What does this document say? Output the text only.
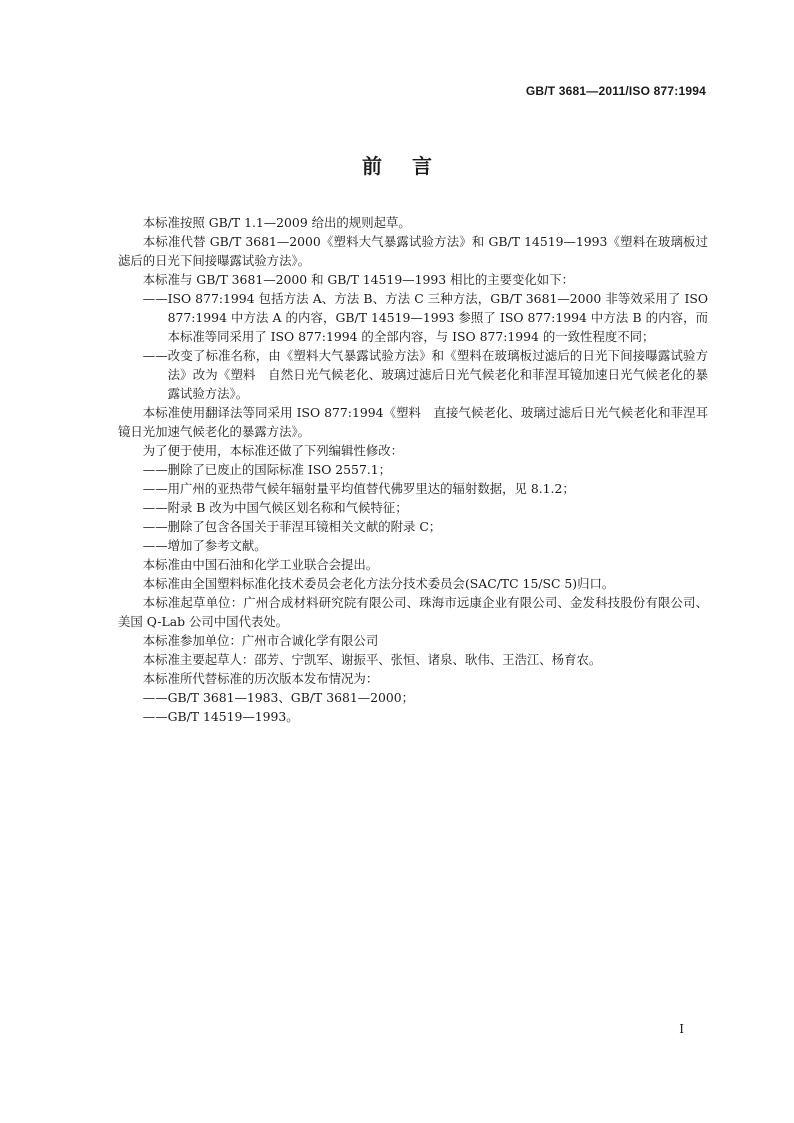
GB/T 3681—2011/ISO 877:1994
前言

本标准按照 GB/T 1.1—2009 给出的规则起草。

本标准代替 GB/T 3681—2000《塑料大气暴露试验方法》和 GB/T 14519—1993《塑料在玻璃板过滤后的日光下间接曝露试验方法》。

本标准与 GB/T 3681—2000 和 GB/T 14519—1993 相比的主要变化如下：

——ISO 877:1994 包括方法 A、方法 B、方法 C 三种方法，GB/T 3681—2000 非等效采用了 ISO 877:1994 中方法 A 的内容，GB/T 14519—1993 参照了 ISO 877:1994 中方法 B 的内容，而本标准等同采用了 ISO 877:1994 的全部内容，与 ISO 877:1994 的一致性程度不同；

——改变了标准名称，由《塑料大气暴露试验方法》和《塑料在玻璃板过滤后的日光下间接曝露试验方法》改为《塑料　自然日光气候老化、玻璃过滤后日光气候老化和菲涅耳镜加速日光气候老化的暴露试验方法》。

本标准使用翻译法等同采用 ISO 877:1994《塑料　直接气候老化、玻璃过滤后日光气候老化和菲涅耳镜日光加速气候老化的暴露方法》。

为了便于使用，本标准还做了下列编辑性修改：

——删除了已废止的国际标准 ISO 2557.1；

——用广州的亚热带气候年辐射量平均值替代佛罗里达的辐射数据，见 8.1.2；

——附录 B 改为中国气候区划名称和气候特征；

——删除了包含各国关于菲涅耳镜相关文献的附录 C；

——增加了参考文献。

本标准由中国石油和化学工业联合会提出。

本标准由全国塑料标准化技术委员会老化方法分技术委员会(SAC/TC 15/SC 5)归口。

本标准起草单位：广州合成材料研究院有限公司、珠海市远康企业有限公司、金发科技股份有限公司、美国 Q-Lab 公司中国代表处。

本标准参加单位：广州市合诚化学有限公司

本标准主要起草人：邵芳、宁凯军、谢振平、张恒、诸泉、耿伟、王浩江、杨育农。

本标准所代替标准的历次版本发布情况为：

——GB/T 3681—1983、GB/T 3681—2000；

——GB/T 14519—1993。

I
